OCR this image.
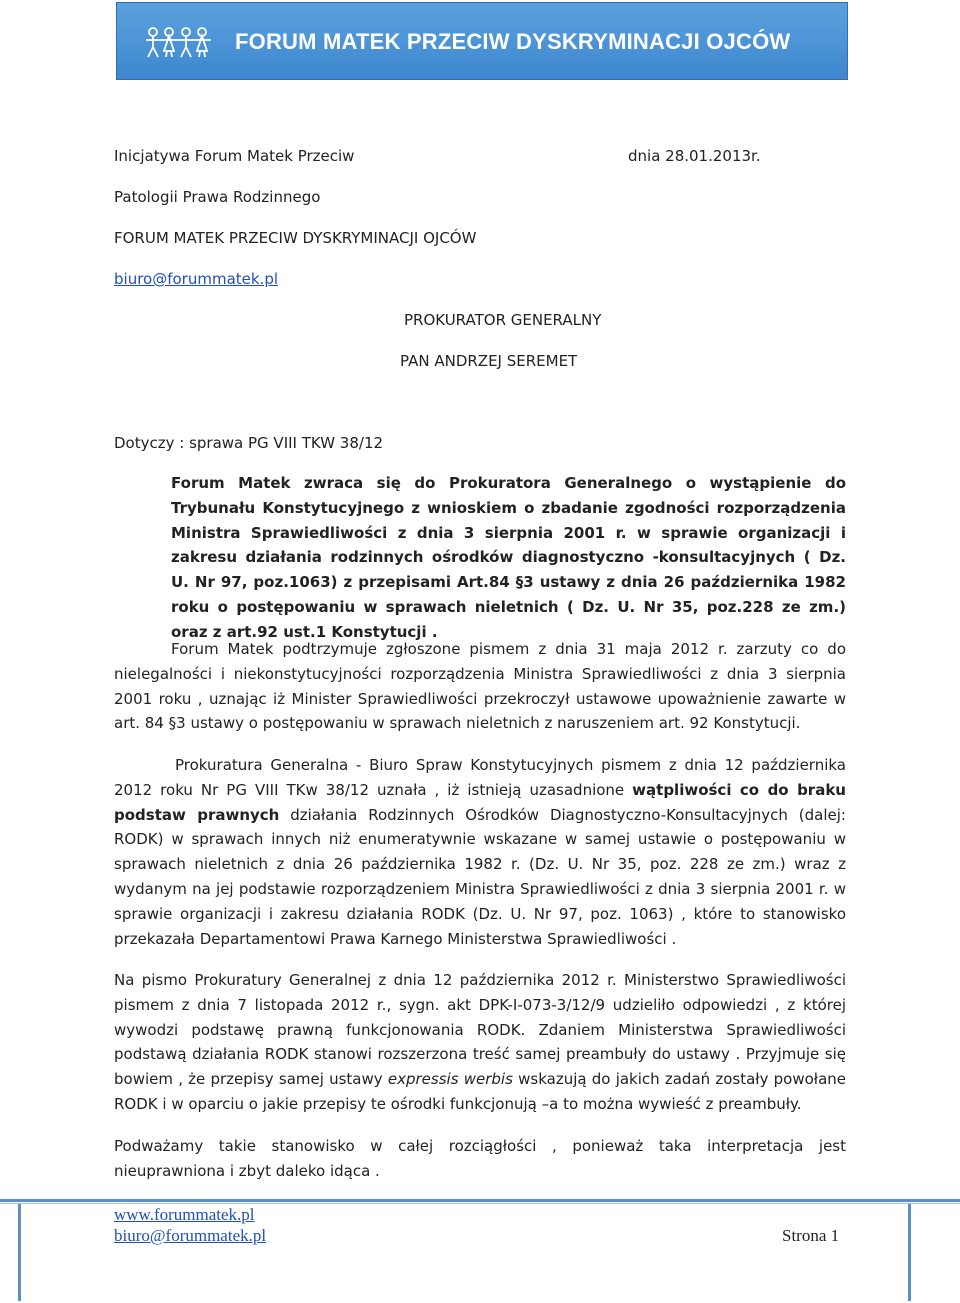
FORUM MATEK PRZECIW DYSKRYMINACJI OJCÓW
Inicjatywa Forum Matek Przeciw	dnia 28.01.2013r.
Patologii Prawa Rodzinnego
FORUM MATEK PRZECIW DYSKRYMINACJI OJCÓW
biuro@forummatek.pl
PROKURATOR GENERALNY
PAN ANDRZEJ SEREMET
Dotyczy : sprawa PG VIII TKW 38/12
Forum Matek zwraca się do Prokuratora Generalnego o wystąpienie do Trybunału Konstytucyjnego z wnioskiem o zbadanie zgodności rozporządzenia Ministra Sprawiedliwości z dnia 3 sierpnia 2001 r. w sprawie organizacji i zakresu działania rodzinnych ośrodków diagnostyczno -konsultacyjnych ( Dz. U. Nr 97, poz.1063) z przepisami Art.84 §3 ustawy z dnia 26 października 1982 roku o postępowaniu w sprawach nieletnich ( Dz. U. Nr 35, poz.228 ze zm.) oraz z art.92 ust.1 Konstytucji .
Forum Matek podtrzymuje zgłoszone pismem z dnia 31 maja 2012 r. zarzuty co do nielegalności i niekonstytucyjności rozporządzenia Ministra Sprawiedliwości z dnia 3 sierpnia 2001 roku , uznając iż Minister Sprawiedliwości przekroczył ustawowe upoważnienie zawarte w art. 84 §3 ustawy o postępowaniu w sprawach nieletnich z naruszeniem art. 92 Konstytucji.
Prokuratura Generalna - Biuro Spraw Konstytucyjnych pismem z dnia 12 października 2012 roku Nr PG VIII TKw 38/12 uznała , iż istnieją uzasadnione wątpliwości co do braku podstaw prawnych działania Rodzinnych Ośrodków Diagnostyczno-Konsultacyjnych (dalej: RODK) w sprawach innych niż enumeratywnie wskazane w samej ustawie o postępowaniu w sprawach nieletnich z dnia 26 października 1982 r. (Dz. U. Nr 35, poz. 228 ze zm.) wraz z wydanym na jej podstawie rozporządzeniem Ministra Sprawiedliwości z dnia 3 sierpnia 2001 r. w sprawie organizacji i zakresu działania RODK (Dz. U. Nr 97, poz. 1063) , które to stanowisko przekazała Departamentowi Prawa Karnego Ministerstwa Sprawiedliwości .
Na pismo Prokuratury Generalnej z dnia 12 października 2012 r. Ministerstwo Sprawiedliwości pismem z dnia 7 listopada 2012 r., sygn. akt DPK-I-073-3/12/9 udzieliło odpowiedzi , z której wywodzi podstawę prawną funkcjonowania RODK. Zdaniem Ministerstwa Sprawiedliwości podstawą działania RODK stanowi rozszerzona treść samej preambuły do ustawy . Przyjmuje się bowiem , że przepisy samej ustawy expressis werbis wskazują do jakich zadań zostały powołane RODK i w oparciu o jakie przepisy te ośrodki funkcjonują –a to można wywieść z preambuły.
Podważamy takie stanowisko w całej rozciągłości , ponieważ taka interpretacja jest nieuprawniona i zbyt daleko idąca .
www.forummatek.pl
biuro@forummatek.pl	Strona 1
